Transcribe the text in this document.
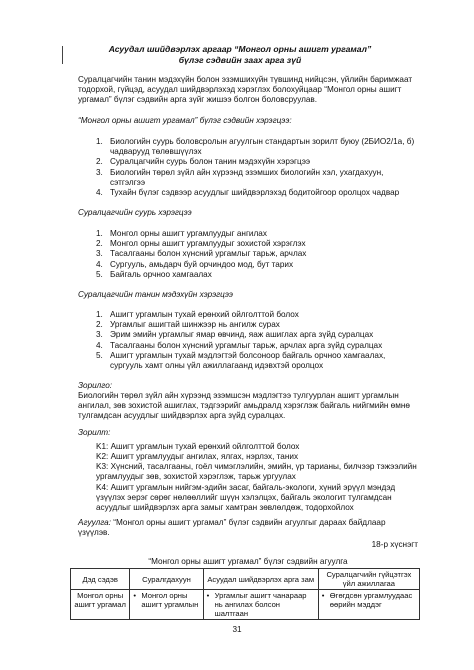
Асуудал шийдвэрлэх аргаар “Монгол орны ашигт ургамал”
бүлэг сэдвийн заах арга зүй
Суралцагчийн танин мэдэхүйн болон эзэмшихүйн түвшинд нийцсэн, үйлийн баримжаат тодорхой, гүйцэд, асуудал шийдвэрлэхэд хэрэглэх болохуйцаар “Монгол орны ашигт ургамал” бүлэг сэдвийн арга зүйг жишээ болгон боловсруулав.
“Монгол орны ашигт ургамал” бүлэг сэдвийн хэрэгцээ:
1. Биологийн суурь боловсролын агуулгын стандартын зорилт буюу (2БИО2/1а, б) чадварууд төлөвшүүлэх
2. Суралцагчийн суурь болон танин мэдэхүйн хэрэгцээ
3. Биологийн төрөл зүйл айн хүрээнд эзэмших биологийн хэл, ухагдахуун, сэтгэлгээ
4. Тухайн бүлэг сэдвээр асуудлыг шийдвэрлэхэд бодитойгоор оролцох чадвар
Суралцагчийн суурь хэрэгцээ
1. Монгол орны ашигт ургамлуудыг ангилах
2. Монгол орны ашигт ургамлуудыг зохистой хэрэглэх
3. Тасалгааны болон хүнсний ургамлыг тарьж, арчлах
4. Сургууль, амьдарч буй орчиндоо мод, бут тарих
5. Байгаль орчноо хамгаалах
Суралцагчийн танин мэдэхүйн хэрэгцээ
1. Ашигт ургамлын тухай ерөнхий ойлголттой болох
2. Ургамлыг ашигтай шинжээр нь ангилж сурах
3. Эрим эмийн ургамлыг ямар өвчинд, яаж ашиглах арга зүйд суралцах
4. Тасалгааны болон хүнсний ургамлыг тарьж, арчлах арга зүйд суралцах
5. Ашигт ургамлын тухай мэдлэгтэй болсоноор байгаль орчноо хамгаалах, сургууль хамт олны үйл ажиллагаанд идэвхтэй оролцох
Зорилго:
Биологийн төрөл зүйл айн хүрээнд эзэмшсэн мэдлэгтээ тулгуурлан ашигт ургамлын ангилал, зөв зохистой ашиглах, тэдгээрийг амьдралд хэрэглэж байгаль нийгмийн өмнө тулгамдсан асуудлыг шийдвэрлэх арга зүйд суралцах.
Зорилт:
K1: Ашигт ургамлын тухай ерөнхий ойлголттой болох
K2: Ашигт ургамлуудыг ангилах, ялгах, нэрлэх, таних
K3: Хүнсний, тасалгааны, гоёл чимэглэлийн, эмийн, үр тарианы, билчээр тэжээлийн ургамлуудыг зөв, зохистой хэрэглэж, тарьж ургуулах
K4: Ашигт ургамлын нийгэм-эдийн засаг, байгаль-экологи, хүний эрүүл мэндэд үзүүлэх эерэг сөрөг нөлөөллийг шүүн хэлэлцэх, байгаль экологит тулгамдсан асуудлыг шийдвэрлэх арга замыг хамтран зөвлөлдөж, тодорхойлох
Агуулга: “Монгол орны ашигт ургамал” бүлэг сэдвийн агуулгыг дараах байдлаар үзүүлэв.
18-р хүснэгт
“Монгол орны ашигт ургамал” бүлэг сэдвийн агуулга
Дэд сэдэв	Суралгдахуун	Асуудал шийдвэрлэх арга зам	Суралцагчийн гүйцэтгэх үйл ажиллагаа
Монгол орны ашигт ургамал	• Монгол орны ашигт ургамлын	• Ургамлыг ашигт чанараар нь ангилах болсон шалтгаан	• Өгөгдсөн ургамлуудаас өөрийн мэддэг
31
